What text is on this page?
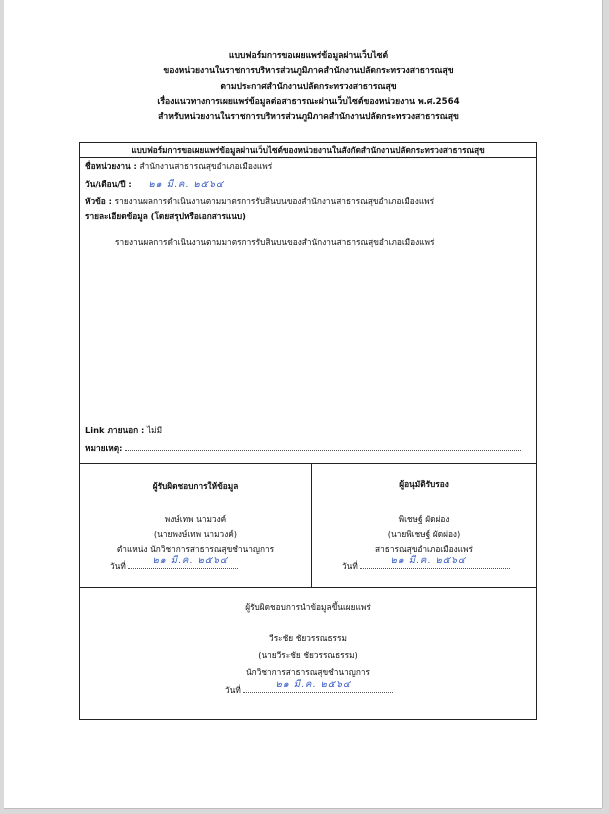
แบบฟอร์มการขอเผยแพร่ข้อมูลผ่านเว็บไซต์
ของหน่วยงานในราชการบริหารส่วนภูมิภาคสำนักงานปลัดกระทรวงสาธารณสุข
ตามประกาศสำนักงานปลัดกระทรวงสาธารณสุข
เรื่องแนวทางการเผยแพร่ข้อมูลต่อสาธารณะผ่านเว็บไซต์ของหน่วยงาน พ.ศ.2564
สำหรับหน่วยงานในราชการบริหารส่วนภูมิภาคสำนักงานปลัดกระทรวงสาธารณสุข
แบบฟอร์มการขอเผยแพร่ข้อมูลผ่านเว็บไซต์ของหน่วยงานในสังกัดสำนักงานปลัดกระทรวงสาธารณสุข
ชื่อหน่วยงาน : สำนักงานสาธารณสุขอำเภอเมืองแพร่
วัน/เดือน/ปี : ๒๑ มี.ค. ๒๕๖๔
หัวข้อ : รายงานผลการดำเนินงานตามมาตรการรับสินบนของสำนักงานสาธารณสุขอำเภอเมืองแพร่
รายละเอียดข้อมูล (โดยสรุปหรือเอกสารแนบ)
รายงานผลการดำเนินงานตามมาตรการรับสินบนของสำนักงานสาธารณสุขอำเภอเมืองแพร่
Link ภายนอก : ไม่มี
หมายเหตุ:
ผู้รับผิดชอบการให้ข้อมูล
พงษ์เทพ นามวงค์
(นายพงษ์เทพ นามวงค์)
ตำแหน่ง นักวิชาการสาธารณสุขชำนาญการ
วันที่	๒๑ มี.ค. ๒๕๖๔
ผู้อนุมัติรับรอง
พิเชษฐ์ ผัดผ่อง
(นายพิเชษฐ์ ผัดผ่อง)
สาธารณสุขอำเภอเมืองแพร่
วันที่	๒๑ มี.ค. ๒๕๖๔
ผู้รับผิดชอบการนำข้อมูลขึ้นเผยแพร่
วีระชัย ชัยวรรณธรรม
(นายวีระชัย ชัยวรรณธรรม)
นักวิชาการสาธารณสุขชำนาญการ
วันที่	๒๑ มี.ค. ๒๕๖๔
